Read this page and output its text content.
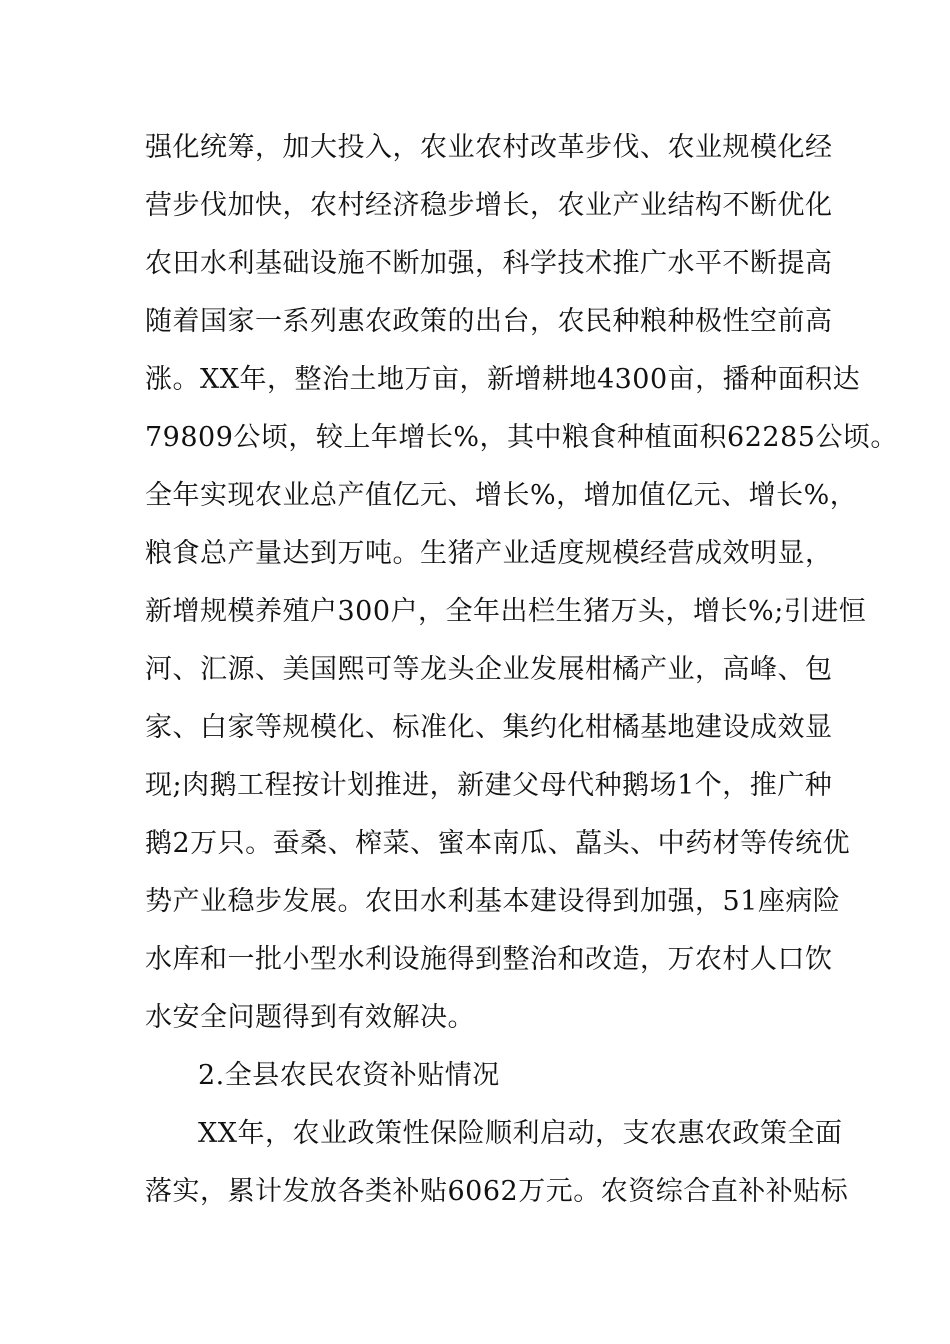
强化统筹，加大投入，农业农村改革步伐、农业规模化经
营步伐加快，农村经济稳步增长，农业产业结构不断优化
农田水利基础设施不断加强，科学技术推广水平不断提高
随着国家一系列惠农政策的出台，农民种粮种极性空前高
涨。XX年，整治土地万亩，新增耕地4300亩，播种面积达
79809公顷，较上年增长%，其中粮食种植面积62285公顷。
全年实现农业总产值亿元、增长%，增加值亿元、增长%，
粮食总产量达到万吨。生猪产业适度规模经营成效明显，
新增规模养殖户300户，全年出栏生猪万头，增长%;引进恒
河、汇源、美国熙可等龙头企业发展柑橘产业，高峰、包
家、白家等规模化、标准化、集约化柑橘基地建设成效显
现;肉鹅工程按计划推进，新建父母代种鹅场1个，推广种
鹅2万只。蚕桑、榨菜、蜜本南瓜、藠头、中药材等传统优
势产业稳步发展。农田水利基本建设得到加强，51座病险
水库和一批小型水利设施得到整治和改造，万农村人口饮
水安全问题得到有效解决。
2.全县农民农资补贴情况
XX年，农业政策性保险顺利启动，支农惠农政策全面
落实，累计发放各类补贴6062万元。农资综合直补补贴标
